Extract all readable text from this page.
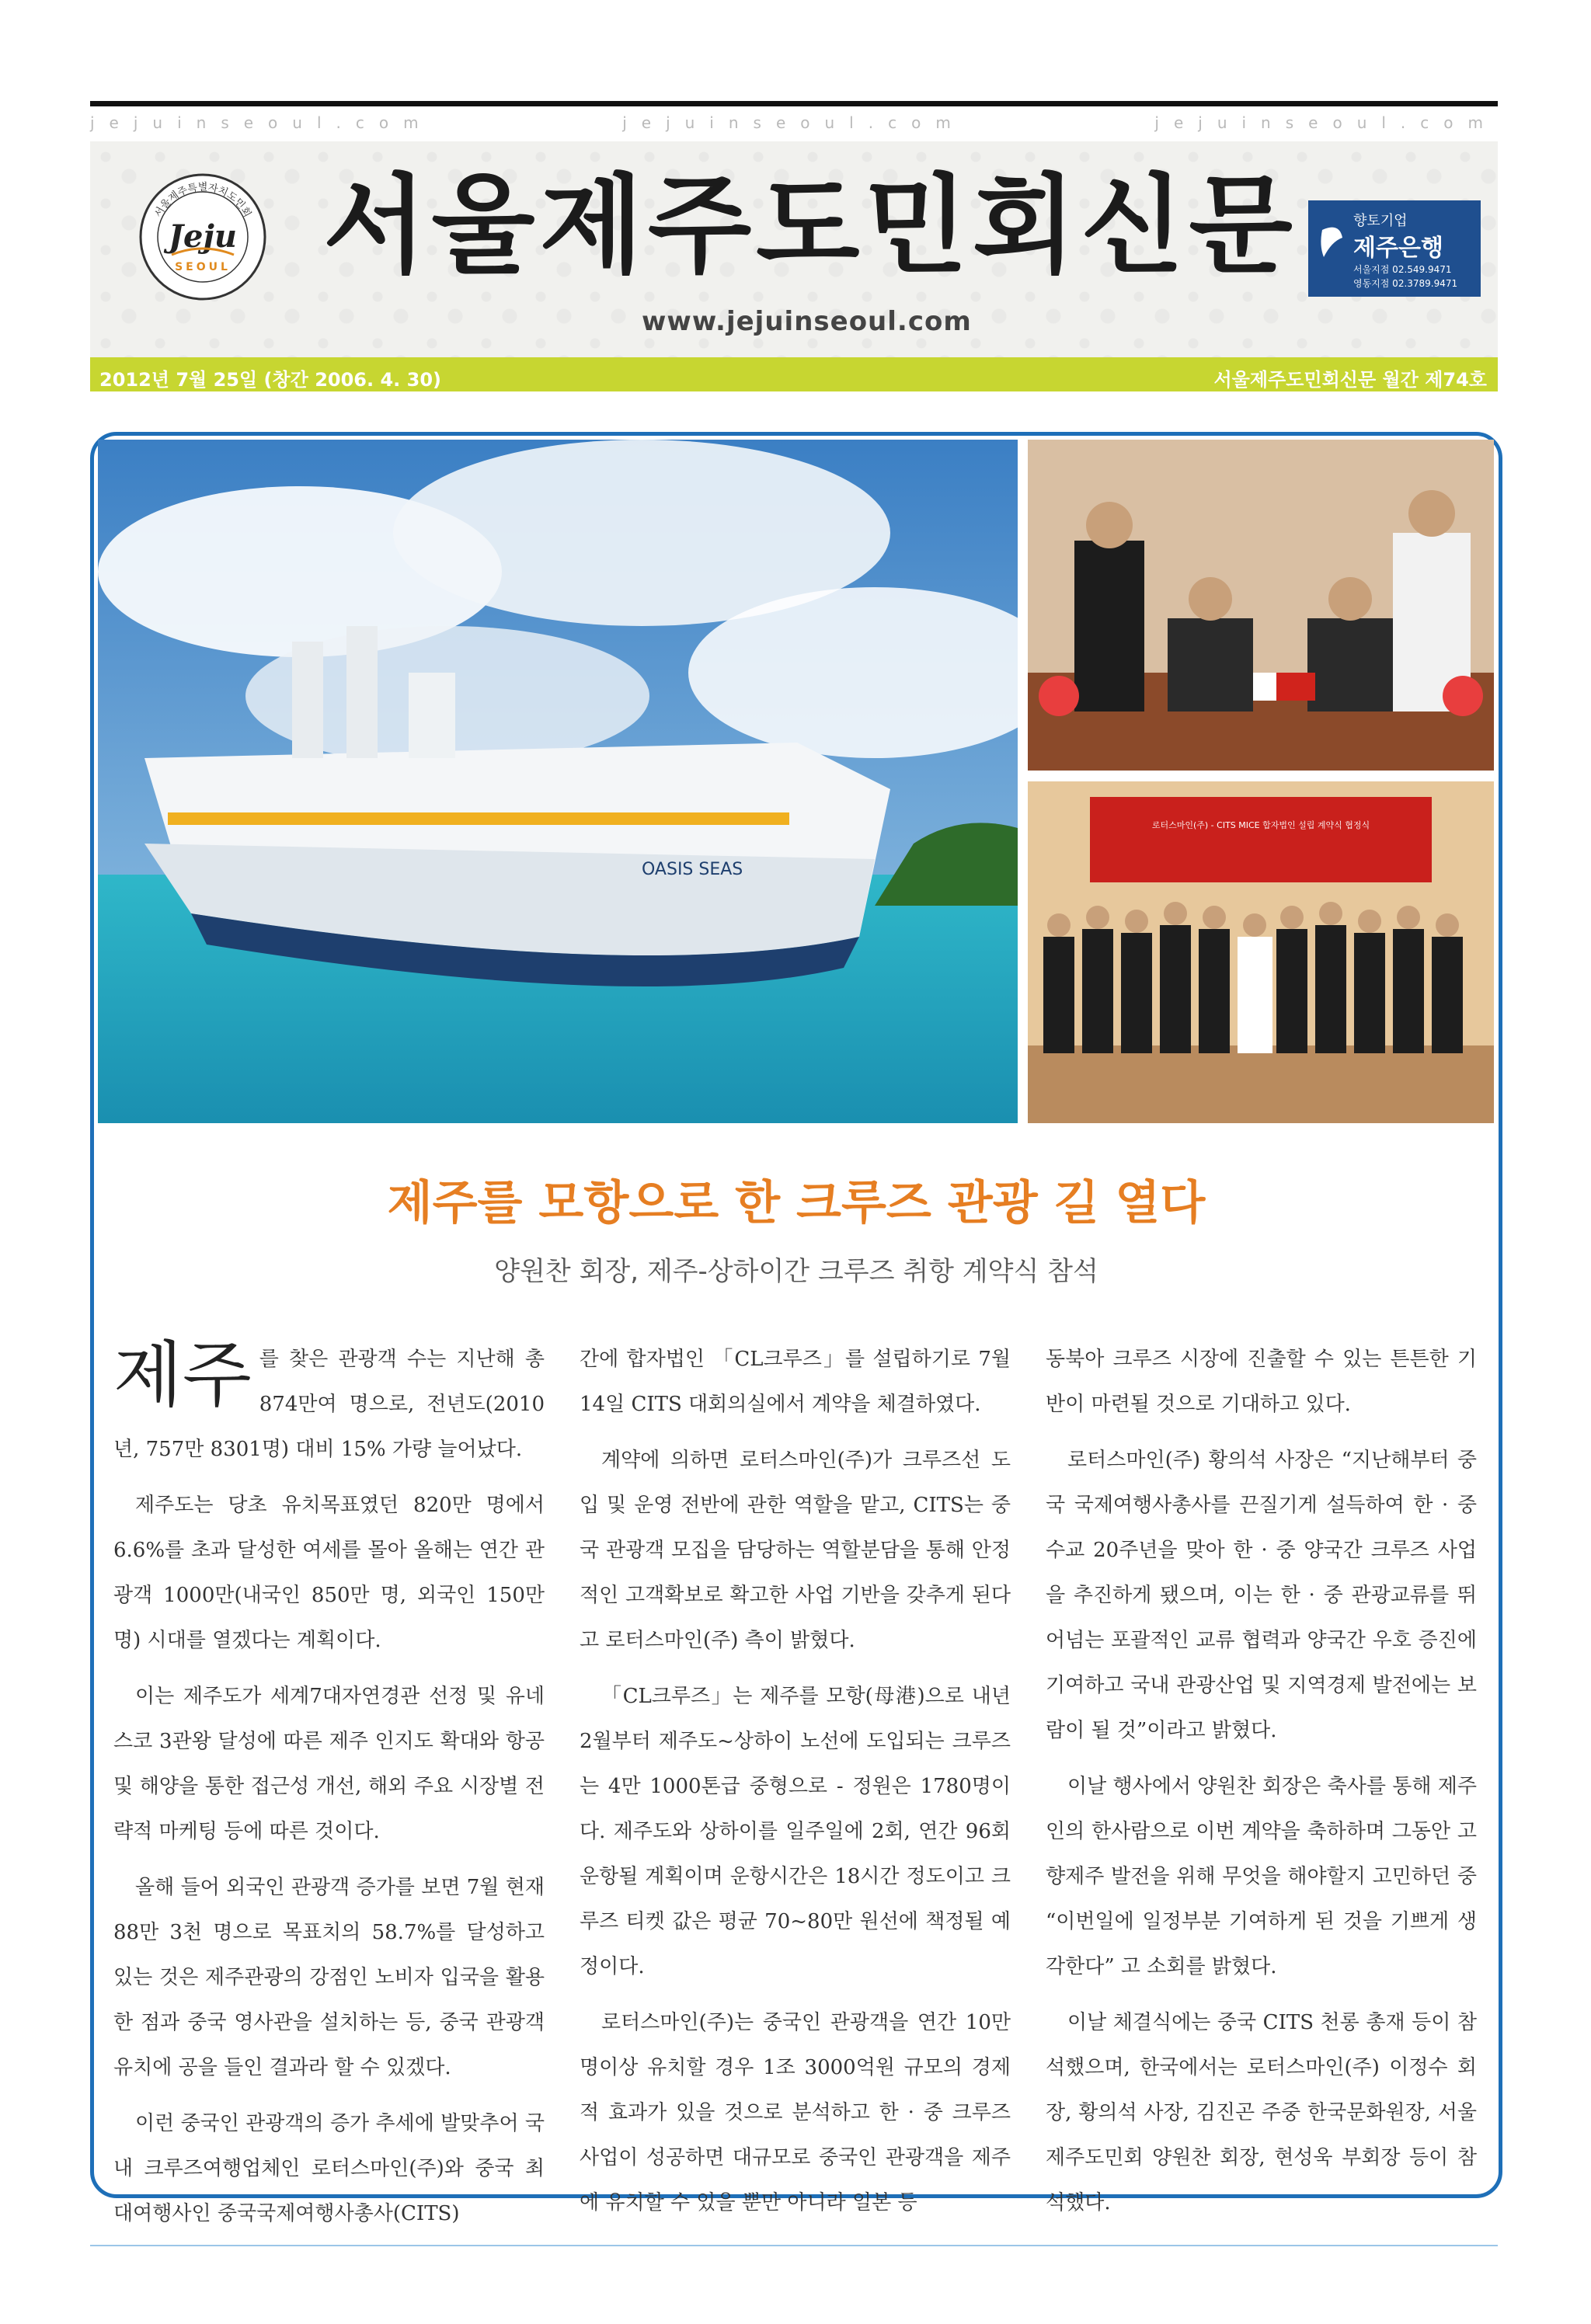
jejuinseoul.com	jejuinseoul.com	jejuinseoul.com
서울제주특별자치도민회
Jeju
SEOUL 서울제주도민회신문
www.jejuinseoul.com
향토기업
제주은행
서울지점 02.549.9471
영동지점 02.3789.9471
2012년 7월 25일 (창간 2006. 4. 30)	서울제주도민회신문 월간 제74호
OASIS SEAS
로터스마인(주) - CITS MICE 합자법인 설립 계약식 협정식
제주를 모항으로 한 크루즈 관광 길 열다
양원찬 회장, 제주-상하이간 크루즈 취항 계약식 참석

제주 를 찾은 관광객 수는 지난해 총 874만여 명으로, 전년도(2010년, 757만 8301명) 대비 15% 가량 늘어났다.

제주도는 당초 유치목표였던 820만 명에서 6.6%를 초과 달성한 여세를 몰아 올해는 연간 관광객 1000만(내국인 850만 명, 외국인 150만 명) 시대를 열겠다는 계획이다.

이는 제주도가 세계7대자연경관 선정 및 유네스코 3관왕 달성에 따른 제주 인지도 확대와 항공 및 해양을 통한 접근성 개선, 해외 주요 시장별 전략적 마케팅 등에 따른 것이다.

올해 들어 외국인 관광객 증가를 보면 7월 현재 88만 3천 명으로 목표치의 58.7%를 달성하고 있는 것은 제주관광의 강점인 노비자 입국을 활용한 점과 중국 영사관을 설치하는 등, 중국 관광객 유치에 공을 들인 결과라 할 수 있겠다.

이런 중국인 관광객의 증가 추세에 발맞추어 국내 크루즈여행업체인 로터스마인(주)와 중국 최대여행사인 중국국제여행사총사(CITS)

간에 합자법인 「CL크루즈」를 설립하기로 7월 14일 CITS 대회의실에서 계약을 체결하였다.

계약에 의하면 로터스마인(주)가 크루즈선 도입 및 운영 전반에 관한 역할을 맡고, CITS는 중국 관광객 모집을 담당하는 역할분담을 통해 안정적인 고객확보로 확고한 사업 기반을 갖추게 된다고 로터스마인(주) 측이 밝혔다.

「CL크루즈」는 제주를 모항(母港)으로 내년 2월부터 제주도~상하이 노선에 도입되는 크루즈는 4만 1000톤급 중형으로 - 정원은 1780명이다. 제주도와 상하이를 일주일에 2회, 연간 96회 운항될 계획이며 운항시간은 18시간 정도이고 크루즈 티켓 값은 평균 70~80만 원선에 책정될 예정이다.

로터스마인(주)는 중국인 관광객을 연간 10만 명이상 유치할 경우 1조 3000억원 규모의 경제적 효과가 있을 것으로 분석하고 한 · 중 크루즈 사업이 성공하면 대규모로 중국인 관광객을 제주에 유치할 수 있을 뿐만 아니라 일본 등

동북아 크루즈 시장에 진출할 수 있는 튼튼한 기반이 마련될 것으로 기대하고 있다.

로터스마인(주) 황의석 사장은 “지난해부터 중국 국제여행사총사를 끈질기게 설득하여 한 · 중 수교 20주년을 맞아 한 · 중 양국간 크루즈 사업을 추진하게 됐으며, 이는 한 · 중 관광교류를 뛰어넘는 포괄적인 교류 협력과 양국간 우호 증진에 기여하고 국내 관광산업 및 지역경제 발전에는 보람이 될 것”이라고 밝혔다.

이날 행사에서 양원찬 회장은 축사를 통해 제주인의 한사람으로 이번 계약을 축하하며 그동안 고향제주 발전을 위해 무엇을 해야할지 고민하던 중 “이번일에 일정부분 기여하게 된 것을 기쁘게 생각한다” 고 소회를 밝혔다.

이날 체결식에는 중국 CITS 천롱 총재 등이 참석했으며, 한국에서는 로터스마인(주) 이정수 회장, 황의석 사장, 김진곤 주중 한국문화원장, 서울제주도민회 양원찬 회장, 현성욱 부회장 등이 참석했다.
